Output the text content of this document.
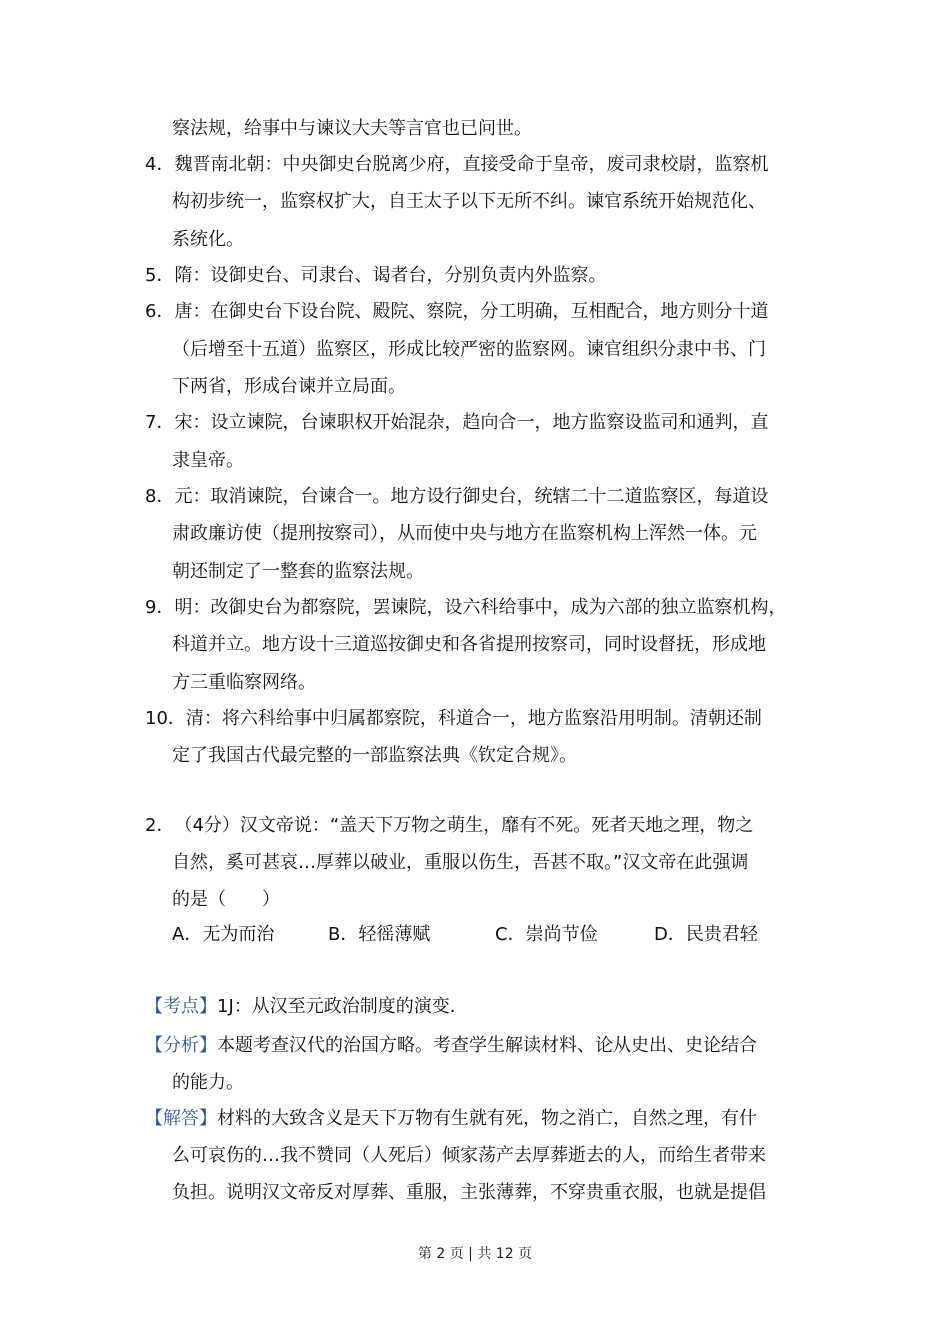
察法规，给事中与谏议大夫等言官也已问世。
4．魏晋南北朝：中央御史台脱离少府，直接受命于皇帝，废司隶校尉，监察机
构初步统一，监察权扩大，自王太子以下无所不纠。谏官系统开始规范化、
系统化。
5．隋：设御史台、司隶台、谒者台，分别负责内外监察。
6．唐：在御史台下设台院、殿院、察院，分工明确，互相配合，地方则分十道
（后增至十五道）监察区，形成比较严密的监察网。谏官组织分隶中书、门
下两省，形成台谏并立局面。
7．宋：设立谏院，台谏职权开始混杂，趋向合一，地方监察设监司和通判，直
隶皇帝。
8．元：取消谏院，台谏合一。地方设行御史台，统辖二十二道监察区，每道设
肃政廉访使（提刑按察司），从而使中央与地方在监察机构上浑然一体。元
朝还制定了一整套的监察法规。
9．明：改御史台为都察院，罢谏院，设六科给事中，成为六部的独立监察机构，
科道并立。地方设十三道巡按御史和各省提刑按察司，同时设督抚，形成地
方三重临察网络。
10．清：将六科给事中归属都察院，科道合一，地方监察沿用明制。清朝还制
定了我国古代最完整的一部监察法典《钦定合规》。
2．（4分）汉文帝说：“盖天下万物之萌生，靡有不死。死者天地之理，物之
自然，奚可甚哀…厚葬以破业，重服以伤生，吾甚不取。”汉文帝在此强调
的是（　　）
A．无为而治	B．轻徭薄赋	C．崇尚节俭	D．民贵君轻
【考点】1J：从汉至元政治制度的演变.
【分析】本题考查汉代的治国方略。考查学生解读材料、论从史出、史论结合
的能力。
【解答】材料的大致含义是天下万物有生就有死，物之消亡，自然之理，有什
么可哀伤的…我不赞同（人死后）倾家荡产去厚葬逝去的人，而给生者带来
负担。说明汉文帝反对厚葬、重服，主张薄葬，不穿贵重衣服，也就是提倡
第 2 页 | 共 12 页
